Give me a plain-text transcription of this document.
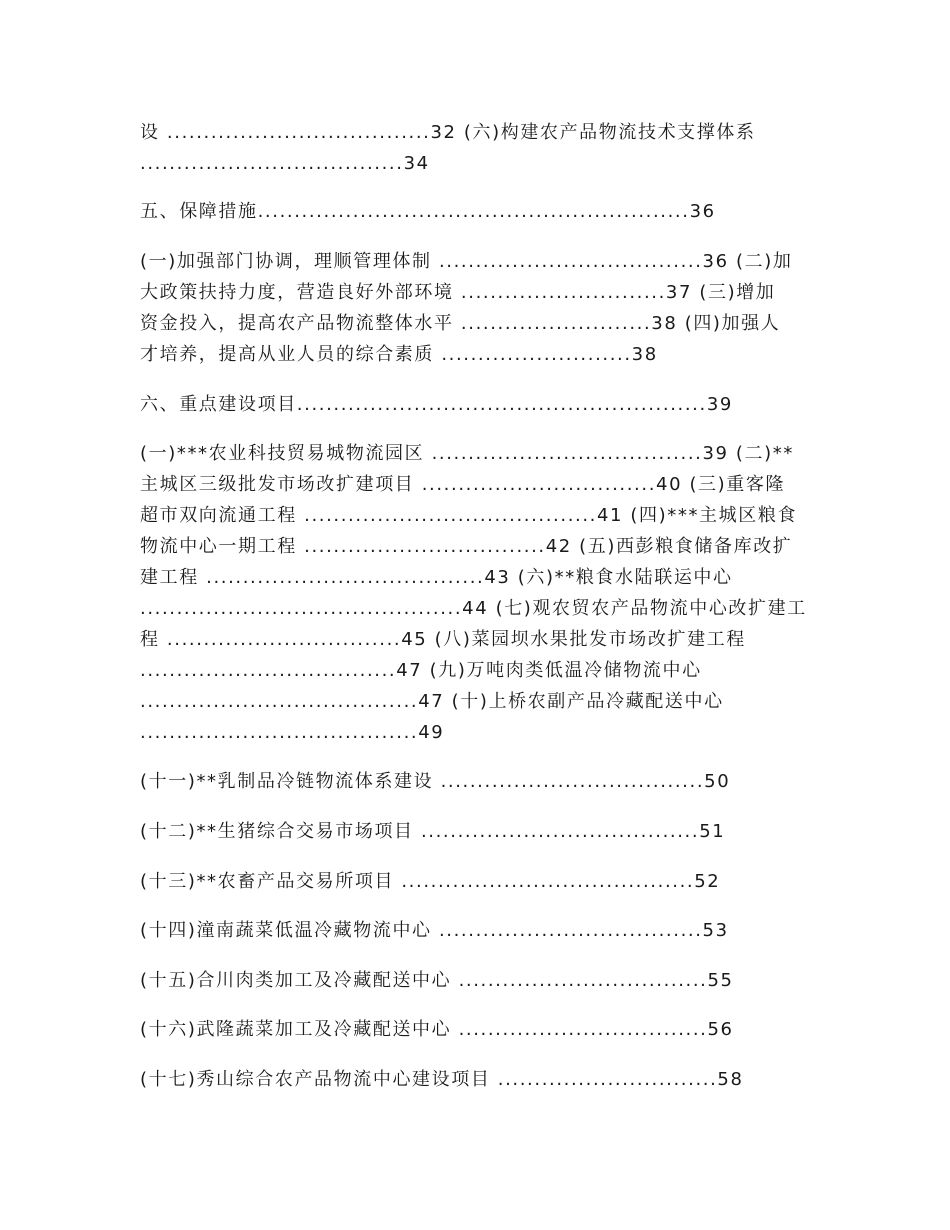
设 ....................................32 (六)构建农产品物流技术支撑体系
....................................34
五、保障措施...........................................................36
(一)加强部门协调，理顺管理体制 ....................................36 (二)加
大政策扶持力度，营造良好外部环境 ............................37 (三)增加
资金投入，提高农产品物流整体水平 ..........................38 (四)加强人
才培养，提高从业人员的综合素质 ..........................38
六、重点建设项目........................................................39
(一)***农业科技贸易城物流园区 .....................................39 (二)**
主城区三级批发市场改扩建项目 ................................40 (三)重客隆
超市双向流通工程 ........................................41 (四)***主城区粮食
物流中心一期工程 .................................42 (五)西彭粮食储备库改扩
建工程 ......................................43 (六)**粮食水陆联运中心
............................................44 (七)观农贸农产品物流中心改扩建工
程 ................................45 (八)菜园坝水果批发市场改扩建工程
...................................47 (九)万吨肉类低温冷储物流中心
......................................47 (十)上桥农副产品冷藏配送中心
......................................49
(十一)**乳制品冷链物流体系建设 ....................................50
(十二)**生猪综合交易市场项目 ......................................51
(十三)**农畜产品交易所项目 ........................................52
(十四)潼南蔬菜低温冷藏物流中心 ....................................53
(十五)合川肉类加工及冷藏配送中心 ..................................55
(十六)武隆蔬菜加工及冷藏配送中心 ..................................56
(十七)秀山综合农产品物流中心建设项目 ..............................58
